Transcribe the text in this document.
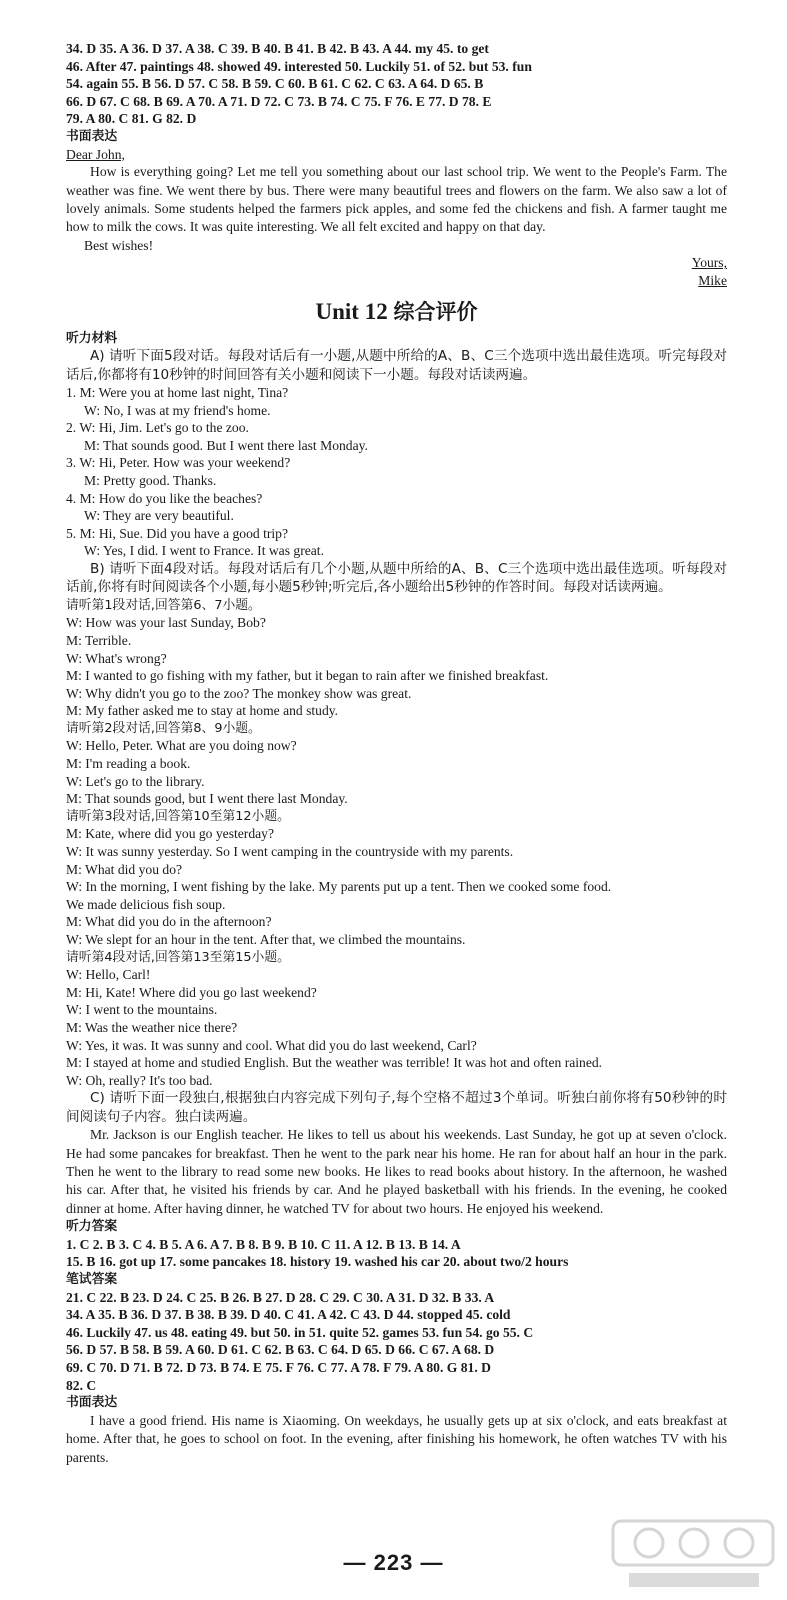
34. D 35. A 36. D 37. A 38. C 39. B 40. B 41. B 42. B 43. A 44. my 45. to get
46. After 47. paintings 48. showed 49. interested 50. Luckily 51. of 52. but 53. fun
54. again 55. B 56. D 57. C 58. B 59. C 60. B 61. C 62. C 63. A 64. D 65. B
66. D 67. C 68. B 69. A 70. A 71. D 72. C 73. B 74. C 75. F 76. E 77. D 78. E
79. A 80. C 81. G 82. D
书面表达
Dear John,

How is everything going? Let me tell you something about our last school trip. We went to the People's Farm. The weather was fine. We went there by bus. There were many beautiful trees and flowers on the farm. We also saw a lot of lovely animals. Some students helped the farmers pick apples, and some fed the chickens and fish. A farmer taught me how to milk the cows. It was quite interesting. We all felt excited and happy on that day.

Best wishes!
Yours,
Mike
Unit 12 综合评价
听力材料

A) 请听下面5段对话。每段对话后有一小题,从题中所给的A、B、C三个选项中选出最佳选项。听完每段对话后,你都将有10秒钟的时间回答有关小题和阅读下一小题。每段对话读两遍。

1. M: Were you at home last night, Tina?
W: No, I was at my friend's home.
2. W: Hi, Jim. Let's go to the zoo.
M: That sounds good. But I went there last Monday.
3. W: Hi, Peter. How was your weekend?
M: Pretty good. Thanks.
4. M: How do you like the beaches?
W: They are very beautiful.
5. M: Hi, Sue. Did you have a good trip?
W: Yes, I did. I went to France. It was great.

B) 请听下面4段对话。每段对话后有几个小题,从题中所给的A、B、C三个选项中选出最佳选项。听每段对话前,你将有时间阅读各个小题,每小题5秒钟;听完后,各小题给出5秒钟的作答时间。每段对话读两遍。

请听第1段对话,回答第6、7小题。
W: How was your last Sunday, Bob?
M: Terrible.
W: What's wrong?
M: I wanted to go fishing with my father, but it began to rain after we finished breakfast.
W: Why didn't you go to the zoo? The monkey show was great.
M: My father asked me to stay at home and study.
请听第2段对话,回答第8、9小题。
W: Hello, Peter. What are you doing now?
M: I'm reading a book.
W: Let's go to the library.
M: That sounds good, but I went there last Monday.
请听第3段对话,回答第10至第12小题。
M: Kate, where did you go yesterday?
W: It was sunny yesterday. So I went camping in the countryside with my parents.
M: What did you do?
W: In the morning, I went fishing by the lake. My parents put up a tent. Then we cooked some food.
We made delicious fish soup.
M: What did you do in the afternoon?
W: We slept for an hour in the tent. After that, we climbed the mountains.
请听第4段对话,回答第13至第15小题。
W: Hello, Carl!
M: Hi, Kate! Where did you go last weekend?
W: I went to the mountains.
M: Was the weather nice there?
W: Yes, it was. It was sunny and cool. What did you do last weekend, Carl?
M: I stayed at home and studied English. But the weather was terrible! It was hot and often rained.
W: Oh, really? It's too bad.

C) 请听下面一段独白,根据独白内容完成下列句子,每个空格不超过3个单词。听独白前你将有50秒钟的时间阅读句子内容。独白读两遍。

Mr. Jackson is our English teacher. He likes to tell us about his weekends. Last Sunday, he got up at seven o'clock. He had some pancakes for breakfast. Then he went to the park near his home. He ran for about half an hour in the park. Then he went to the library to read some new books. He likes to read books about history. In the afternoon, he washed his car. After that, he visited his friends by car. And he played basketball with his friends. In the evening, he cooked dinner at home. After having dinner, he watched TV for about two hours. He enjoyed his weekend.

听力答案
1. C 2. B 3. C 4. B 5. A 6. A 7. B 8. B 9. B 10. C 11. A 12. B 13. B 14. A
15. B 16. got up 17. some pancakes 18. history 19. washed his car 20. about two/2 hours
笔试答案
21. C 22. B 23. D 24. C 25. B 26. B 27. D 28. C 29. C 30. A 31. D 32. B 33. A
34. A 35. B 36. D 37. B 38. B 39. D 40. C 41. A 42. C 43. D 44. stopped 45. cold
46. Luckily 47. us 48. eating 49. but 50. in 51. quite 52. games 53. fun 54. go 55. C
56. D 57. B 58. B 59. A 60. D 61. C 62. B 63. C 64. D 65. D 66. C 67. A 68. D
69. C 70. D 71. B 72. D 73. B 74. E 75. F 76. C 77. A 78. F 79. A 80. G 81. D
82. C
书面表达

I have a good friend. His name is Xiaoming. On weekdays, he usually gets up at six o'clock, and eats breakfast at home. After that, he goes to school on foot. In the evening, after finishing his homework, he often watches TV with his parents.

— 223 —
